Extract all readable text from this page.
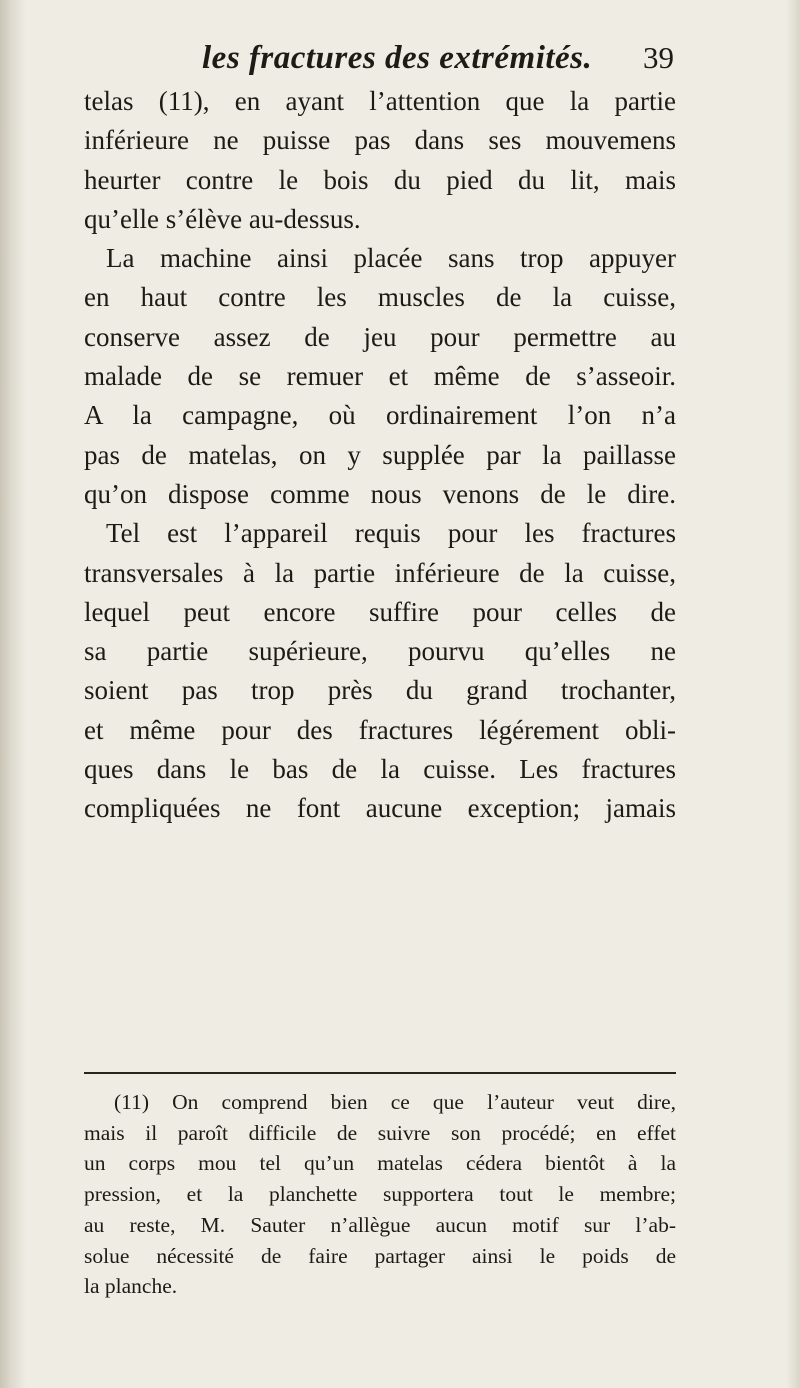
les fractures des extrémités. 39
telas (11), en ayant l’attention que la partie
inférieure ne puisse pas dans ses mouvemens
heurter contre le bois du pied du lit, mais
qu’elle s’élève au-dessus.
La machine ainsi placée sans trop appuyer
en haut contre les muscles de la cuisse,
conserve assez de jeu pour permettre au
malade de se remuer et même de s’asseoir.
A la campagne, où ordinairement l’on n’a
pas de matelas, on y supplée par la paillasse
qu’on dispose comme nous venons de le dire.
Tel est l’appareil requis pour les fractures
transversales à la partie inférieure de la cuisse,
lequel peut encore suffire pour celles de
sa partie supérieure, pourvu qu’elles ne
soient pas trop près du grand trochanter,
et même pour des fractures légérement obli-
ques dans le bas de la cuisse. Les fractures
compliquées ne font aucune exception; jamais
(11) On comprend bien ce que l’auteur veut dire,
mais il paroît difficile de suivre son procédé; en effet
un corps mou tel qu’un matelas cédera bientôt à la
pression, et la planchette supportera tout le membre;
au reste, M. Sauter n’allègue aucun motif sur l’ab-
solue nécessité de faire partager ainsi le poids de
la planche.
